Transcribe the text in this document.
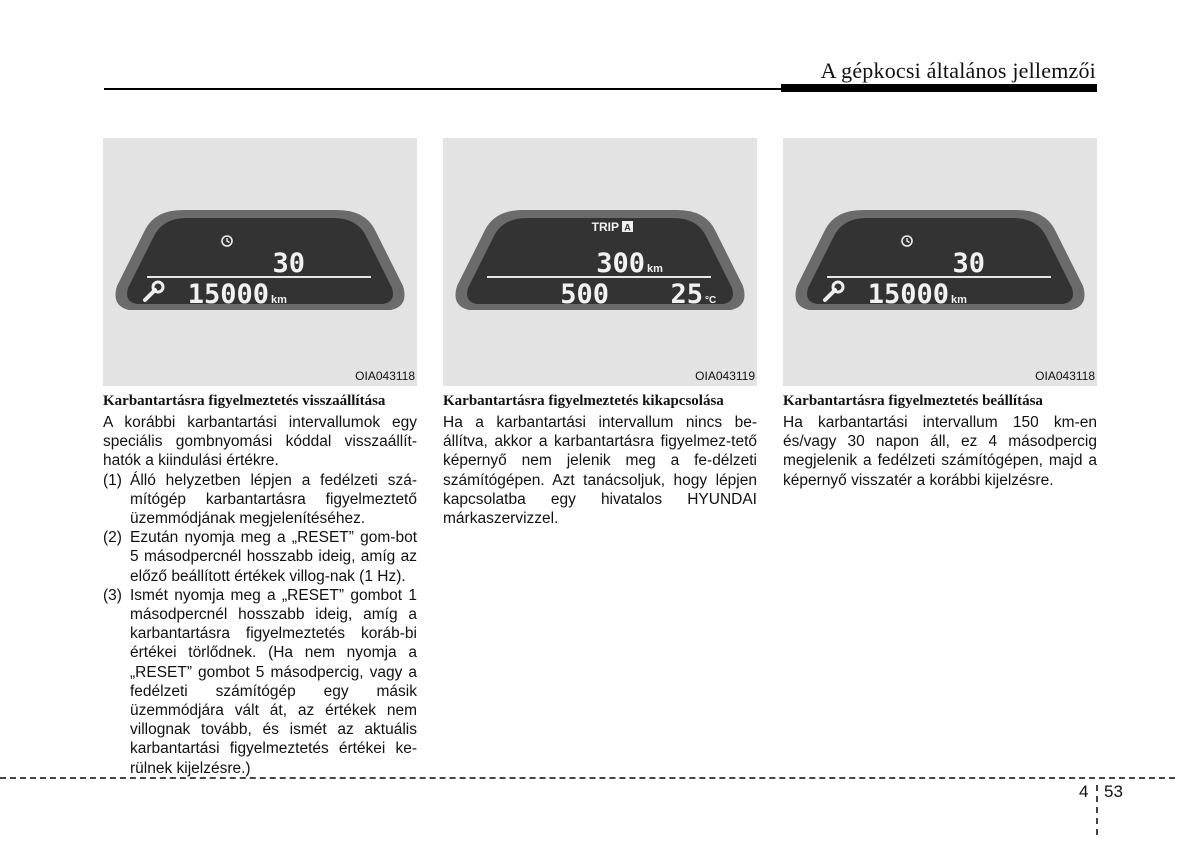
A gépkocsi általános jellemzői
30
15000 km
OIA043118
Karbantartásra figyelmeztetés visszaállítása
A korábbi karbantartási intervallumok egy speciális gombnyomási kóddal visszaállít-hatók a kiindulási értékre.
(1) Álló helyzetben lépjen a fedélzeti szá-mítógép karbantartásra figyelmeztető üzemmódjának megjelenítéséhez.
(2) Ezután nyomja meg a „RESET” gom-bot 5 másodpercnél hosszabb ideig, amíg az előző beállított értékek villog-nak (1 Hz).
(3) Ismét nyomja meg a „RESET” gombot 1 másodpercnél hosszabb ideig, amíg a karbantartásra figyelmeztetés koráb-bi értékei törlődnek. (Ha nem nyomja a „RESET” gombot 5 másodpercig, vagy a fedélzeti számítógép egy másik üzemmódjára vált át, az értékek nem villognak tovább, és ismét az aktuális karbantartási figyelmeztetés értékei ke-rülnek kijelzésre.)
TRIP A
300 km
500 25 °C
OIA043119
Karbantartásra figyelmeztetés kikapcsolása
Ha a karbantartási intervallum nincs be-állítva, akkor a karbantartásra figyelmez-tető képernyő nem jelenik meg a fe-délzeti számítógépen. Azt tanácsoljuk, hogy lépjen kapcsolatba egy hivatalos HYUNDAI márkaszervizzel.
30
15000 km
OIA043118
Karbantartásra figyelmeztetés beállítása
Ha karbantartási intervallum 150 km-en és/vagy 30 napon áll, ez 4 másodpercig megjelenik a fedélzeti számítógépen, majd a képernyő visszatér a korábbi kijelzésre.
4 53
